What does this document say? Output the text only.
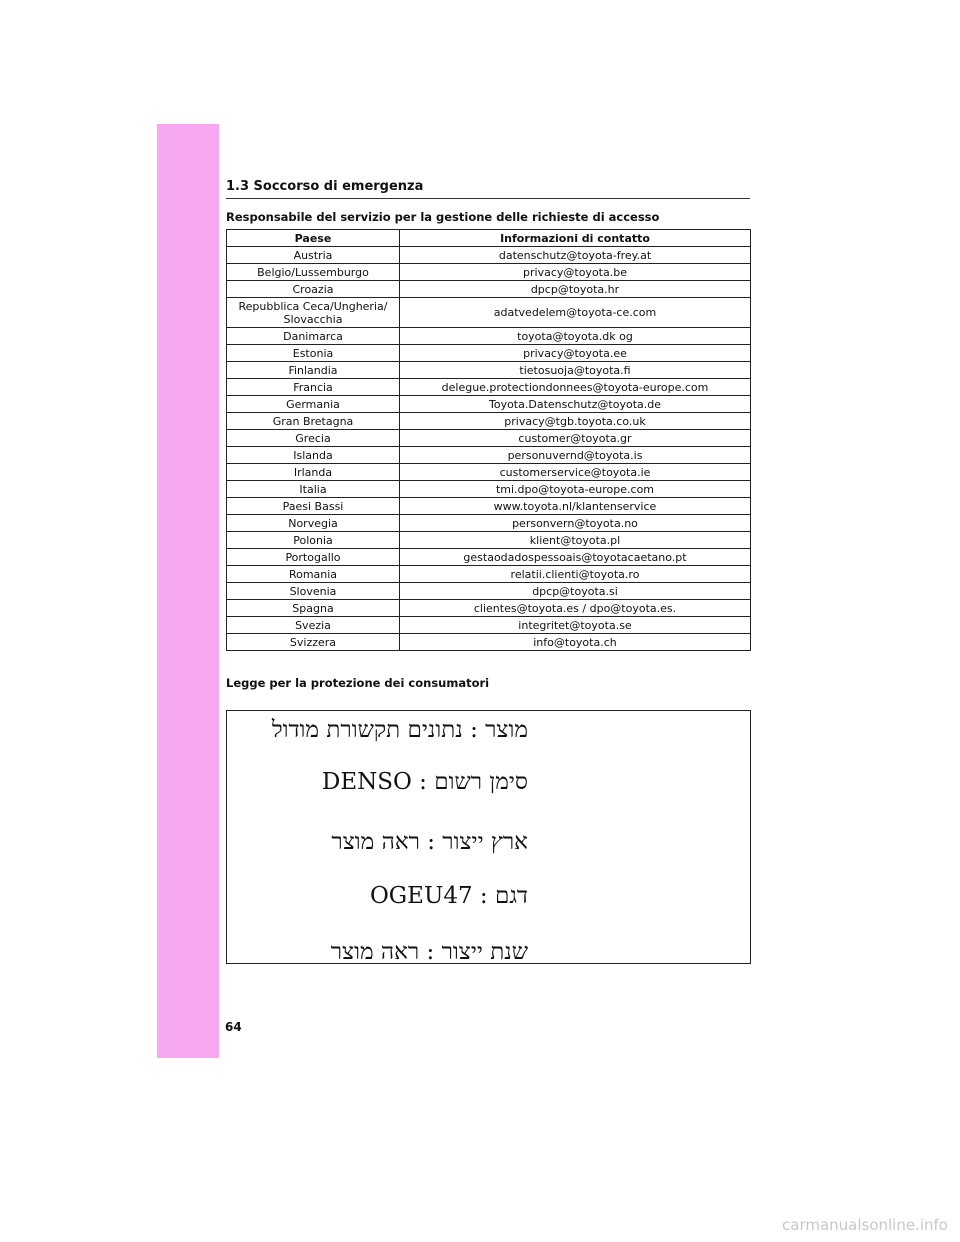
1.3 Soccorso di emergenza
Responsabile del servizio per la gestione delle richieste di accesso
Paese	Informazioni di contatto
Austria	datenschutz@toyota-frey.at
Belgio/Lussemburgo	privacy@toyota.be
Croazia	dpcp@toyota.hr
Repubblica Ceca/Ungheria/
Slovacchia	adatvedelem@toyota-ce.com
Danimarca	toyota@toyota.dk og
Estonia	privacy@toyota.ee
Finlandia	tietosuoja@toyota.fi
Francia	delegue.protectiondonnees@toyota-europe.com
Germania	Toyota.Datenschutz@toyota.de
Gran Bretagna	privacy@tgb.toyota.co.uk
Grecia	customer@toyota.gr
Islanda	personuvernd@toyota.is
Irlanda	customerservice@toyota.ie
Italia	tmi.dpo@toyota-europe.com
Paesi Bassi	www.toyota.nl/klantenservice
Norvegia	personvern@toyota.no
Polonia	klient@toyota.pl
Portogallo	gestaodadospessoais@toyotacaetano.pt
Romania	relatii.clienti@toyota.ro
Slovenia	dpcp@toyota.si
Spagna	clientes@toyota.es / dpo@toyota.es.
Svezia	integritet@toyota.se
Svizzera	info@toyota.ch
Legge per la protezione dei consumatori
מוצר : נתונים תקשורת מודול
סימן רשום : DENSO
ארץ ייצור : ראה מוצר
דגם : OGEU47
שנת ייצור : ראה מוצר
64
carmanualsonline.info
